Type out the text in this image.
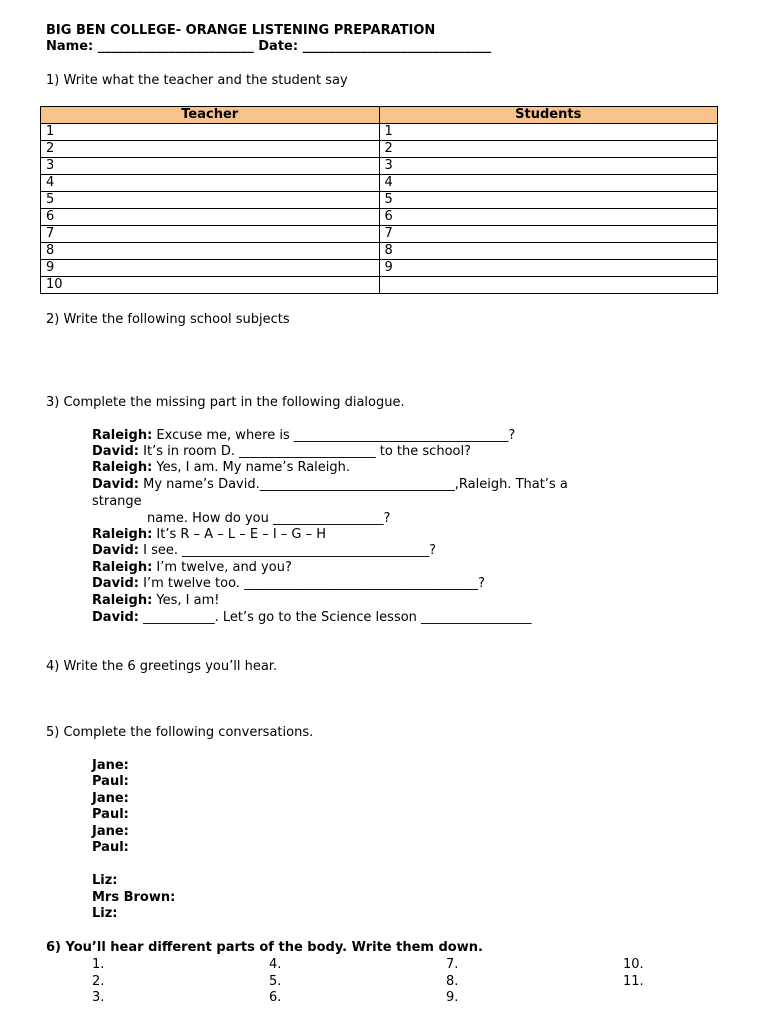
BIG BEN COLLEGE- ORANGE LISTENING PREPARATION
Name: ________________________ Date: _____________________________
1) Write what the teacher and the student say
Teacher	Students
1	1
2	2
3	3
4	4
5	5
6	6
7	7
8	8
9	9
10	
2) Write the following school subjects
3) Complete the missing part in the following dialogue.
Raleigh: Excuse me, where is _________________________________?
David: It’s in room D. _____________________ to the school?
Raleigh: Yes, I am. My name’s Raleigh.
David: My name’s David.______________________________,Raleigh. That’s a
strange
name. How do you _________________?
Raleigh: It’s R – A – L – E – I – G – H
David: I see. ______________________________________?
Raleigh: I’m twelve, and you?
David: I’m twelve too. ____________________________________?
Raleigh: Yes, I am!
David: ___________. Let’s go to the Science lesson _________________
4) Write the 6 greetings you’ll hear.
5) Complete the following conversations.
Jane:
Paul:
Jane:
Paul:
Jane:
Paul:
Liz:
Mrs Brown:
Liz:
6) You’ll hear different parts of the body. Write them down.
1.
2.
3.
4.
5.
6.
7.
8.
9.
10.
11.
